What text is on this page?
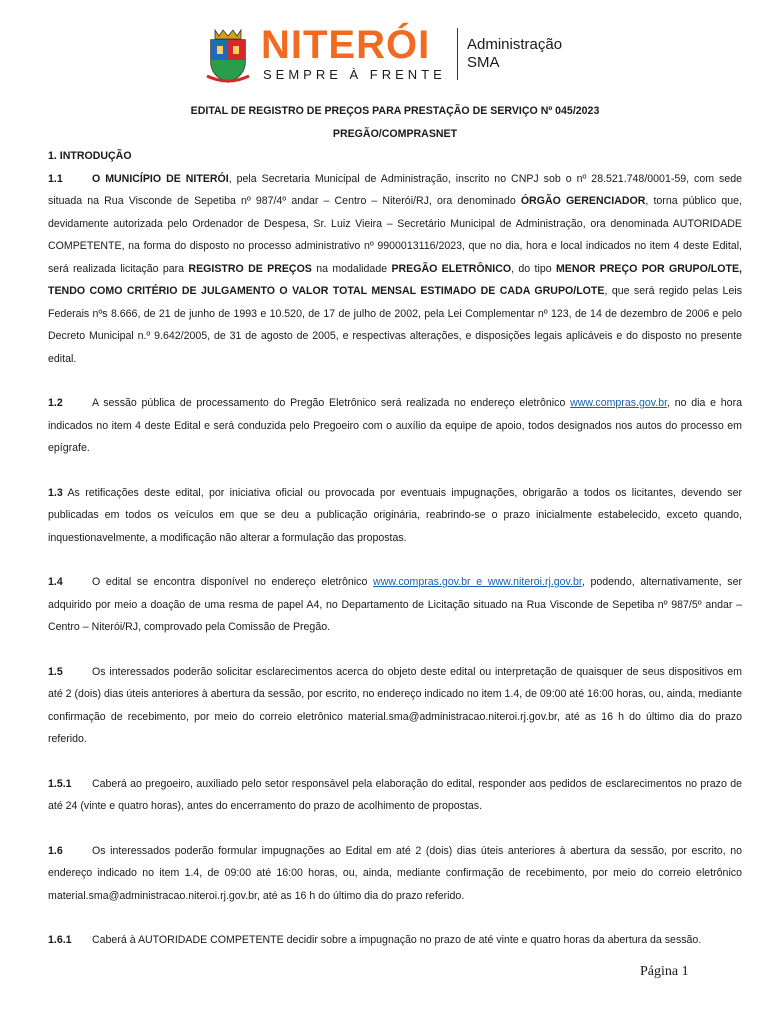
NITERÓI
SEMPRE À FRENTE
Administração
SMA
EDITAL DE REGISTRO DE PREÇOS PARA PRESTAÇÃO DE SERVIÇO Nº 045/2023
PREGÃO/COMPRASNET
1. INTRODUÇÃO

1.1	O MUNICÍPIO DE NITERÓI, pela Secretaria Municipal de Administração, inscrito no CNPJ sob o nº 28.521.748/0001-59, com sede situada na Rua Visconde de Sepetiba nº 987/4º andar – Centro – Niterói/RJ, ora denominado ÓRGÃO GERENCIADOR, torna público que, devidamente autorizada pelo Ordenador de Despesa, Sr. Luiz Vieira – Secretário Municipal de Administração, ora denominada AUTORIDADE COMPETENTE, na forma do disposto no processo administrativo nº 9900013116/2023, que no dia, hora e local indicados no item 4 deste Edital, será realizada licitação para REGISTRO DE PREÇOS na modalidade PREGÃO ELETRÔNICO, do tipo MENOR PREÇO POR GRUPO/LOTE, TENDO COMO CRITÉRIO DE JULGAMENTO O VALOR TOTAL MENSAL ESTIMADO DE CADA GRUPO/LOTE, que será regido pelas Leis Federais nºs 8.666, de 21 de junho de 1993 e 10.520, de 17 de julho de 2002, pela Lei Complementar nº 123, de 14 de dezembro de 2006 e pelo Decreto Municipal n.º 9.642/2005, de 31 de agosto de 2005, e respectivas alterações, e disposições legais aplicáveis e do disposto no presente edital.

1.2	A sessão pública de processamento do Pregão Eletrônico será realizada no endereço eletrônico www.compras.gov.br, no dia e hora indicados no item 4 deste Edital e será conduzida pelo Pregoeiro com o auxílio da equipe de apoio, todos designados nos autos do processo em epígrafe.

1.3 As retificações deste edital, por iniciativa oficial ou provocada por eventuais impugnações, obrigarão a todos os licitantes, devendo ser publicadas em todos os veículos em que se deu a publicação originária, reabrindo-se o prazo inicialmente estabelecido, exceto quando, inquestionavelmente, a modificação não alterar a formulação das propostas.

1.4	O edital se encontra disponível no endereço eletrônico www.compras.gov.br e www.niteroi.rj.gov.br, podendo, alternativamente, ser adquirido por meio a doação de uma resma de papel A4, no Departamento de Licitação situado na Rua Visconde de Sepetiba nº 987/5º andar – Centro – Niterói/RJ, comprovado pela Comissão de Pregão.

1.5	Os interessados poderão solicitar esclarecimentos acerca do objeto deste edital ou interpretação de quaisquer de seus dispositivos em até 2 (dois) dias úteis anteriores à abertura da sessão, por escrito, no endereço indicado no item 1.4, de 09:00 até 16:00 horas, ou, ainda, mediante confirmação de recebimento, por meio do correio eletrônico material.sma@administracao.niteroi.rj.gov.br, até as 16 h do último dia do prazo referido.

1.5.1 Caberá ao pregoeiro, auxiliado pelo setor responsável pela elaboração do edital, responder aos pedidos de esclarecimentos no prazo de até 24 (vinte e quatro horas), antes do encerramento do prazo de acolhimento de propostas.

1.6	Os interessados poderão formular impugnações ao Edital em até 2 (dois) dias úteis anteriores à abertura da sessão, por escrito, no endereço indicado no item 1.4, de 09:00 até 16:00 horas, ou, ainda, mediante confirmação de recebimento, por meio do correio eletrônico material.sma@administracao.niteroi.rj.gov.br, até as 16 h do último dia do prazo referido.

1.6.1 Caberá à AUTORIDADE COMPETENTE decidir sobre a impugnação no prazo de até vinte e quatro horas da abertura da sessão.

Página 1
